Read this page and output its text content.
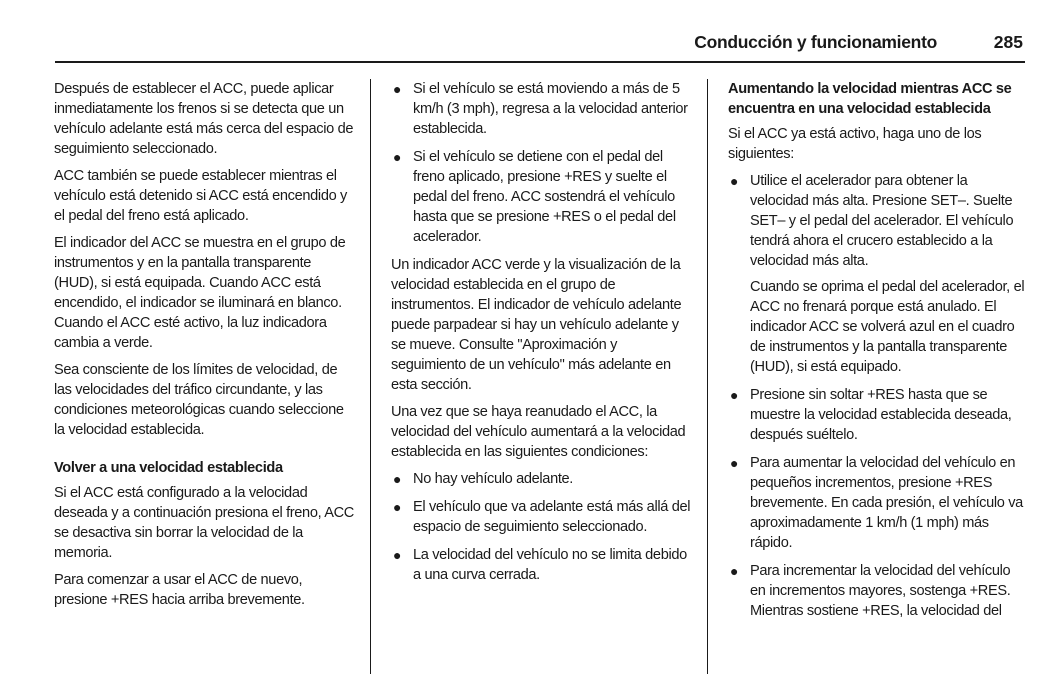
Conducción y funcionamiento	285

Después de establecer el ACC, puede aplicar inmediatamente los frenos si se detecta que un vehículo adelante está más cerca del espacio de seguimiento seleccionado.

ACC también se puede establecer mientras el vehículo está detenido si ACC está encendido y el pedal del freno está aplicado.

El indicador del ACC se muestra en el grupo de instrumentos y en la pantalla transparente (HUD), si está equipada. Cuando ACC está encendido, el indicador se iluminará en blanco. Cuando el ACC esté activo, la luz indicadora cambia a verde.

Sea consciente de los límites de velocidad, de las velocidades del tráfico circundante, y las condiciones meteorológicas cuando seleccione la velocidad establecida.

Volver a una velocidad establecida

Si el ACC está configurado a la velocidad deseada y a continuación presiona el freno, ACC se desactiva sin borrar la velocidad de la memoria.

Para comenzar a usar el ACC de nuevo, presione +RES hacia arriba brevemente.

● Si el vehículo se está moviendo a más de 5 km/h (3 mph), regresa a la velocidad anterior establecida.
● Si el vehículo se detiene con el pedal del freno aplicado, presione +RES y suelte el pedal del freno. ACC sostendrá el vehículo hasta que se presione +RES o el pedal del acelerador.

Un indicador ACC verde y la visualización de la velocidad establecida en el grupo de instrumentos. El indicador de vehículo adelante puede parpadear si hay un vehículo adelante y se mueve. Consulte "Aproximación y seguimiento de un vehículo" más adelante en esta sección.

Una vez que se haya reanudado el ACC, la velocidad del vehículo aumentará a la velocidad establecida en las siguientes condiciones:

● No hay vehículo adelante.
● El vehículo que va adelante está más allá del espacio de seguimiento seleccionado.
● La velocidad del vehículo no se limita debido a una curva cerrada.
Aumentando la velocidad mientras ACC se encuentra en una velocidad establecida

Si el ACC ya está activo, haga uno de los siguientes:

● Utilice el acelerador para obtener la velocidad más alta. Presione SET–. Suelte SET– y el pedal del acelerador. El vehículo tendrá ahora el crucero establecido a la velocidad más alta.

Cuando se oprima el pedal del acelerador, el ACC no frenará porque está anulado. El indicador ACC se volverá azul en el cuadro de instrumentos y la pantalla transparente (HUD), si está equipado.

● Presione sin soltar +RES hasta que se muestre la velocidad establecida deseada, después suéltelo.
● Para aumentar la velocidad del vehículo en pequeños incrementos, presione +RES brevemente. En cada presión, el vehículo va aproximadamente 1 km/h (1 mph) más rápido.
● Para incrementar la velocidad del vehículo en incrementos mayores, sostenga +RES. Mientras sostiene +RES, la velocidad del
